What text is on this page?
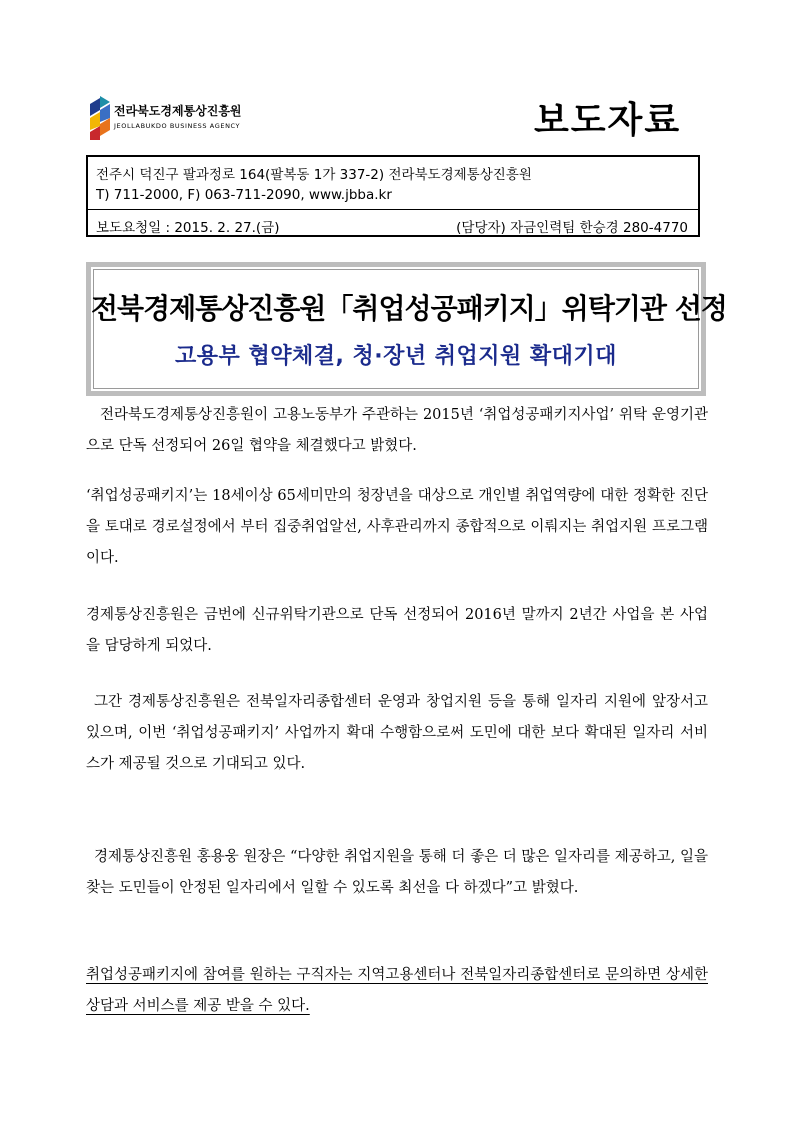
전라북도경제통상진흥원
JEOLLABUKDO BUSINESS AGENCY	보도자료
전주시 덕진구 팔과정로 164(팔복동 1가 337-2) 전라북도경제통상진흥원
T) 711-2000, F) 063-711-2090, www.jbba.kr
보도요청일 : 2015. 2. 27.(금)	(담당자) 자금인력팀 한승경 280-4770
전북경제통상진흥원「취업성공패키지」위탁기관 선정
고용부 협약체결, 청·장년 취업지원 확대기대
전라북도경제통상진흥원이 고용노동부가 주관하는 2015년 ‘취업성공패키지사업’ 위탁 운영기관으로 단독 선정되어 26일 협약을 체결했다고 밝혔다.
‘취업성공패키지’는 18세이상 65세미만의 청장년을 대상으로 개인별 취업역량에 대한 정확한 진단을 토대로 경로설정에서 부터 집중취업알선, 사후관리까지 종합적으로 이뤄지는 취업지원 프로그램이다.
경제통상진흥원은 금번에 신규위탁기관으로 단독 선정되어 2016년 말까지 2년간 사업을 본 사업을 담당하게 되었다.
그간 경제통상진흥원은 전북일자리종합센터 운영과 창업지원 등을 통해 일자리 지원에 앞장서고 있으며, 이번 ‘취업성공패키지’ 사업까지 확대 수행함으로써 도민에 대한 보다 확대된 일자리 서비스가 제공될 것으로 기대되고 있다.
경제통상진흥원 홍용웅 원장은 “다양한 취업지원을 통해 더 좋은 더 많은 일자리를 제공하고, 일을 찾는 도민들이 안정된 일자리에서 일할 수 있도록 최선을 다 하겠다”고 밝혔다.
취업성공패키지에 참여를 원하는 구직자는 지역고용센터나 전북일자리종합센터로 문의하면 상세한 상담과 서비스를 제공 받을 수 있다.
